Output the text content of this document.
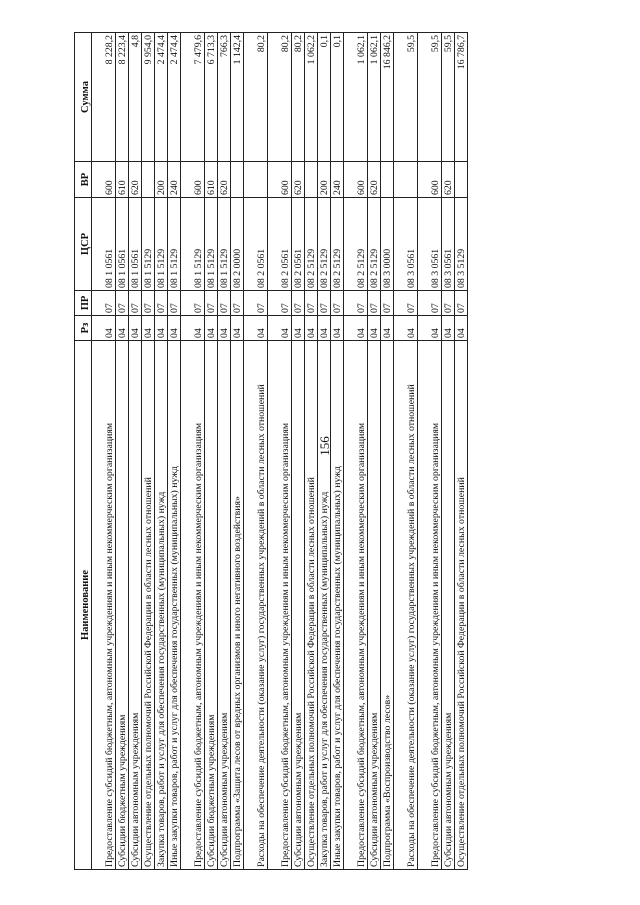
156
Наименование	Рз	ПР	ЦСР	ВР	Сумма
Предоставление субсидий бюджетным, автономным учреждениям и иным некоммерческим организациям	04	07	08 1 0561	600	8 228,2
Субсидии бюджетным учреждениям	04	07	08 1 0561	610	8 223,4
Субсидии автономным учреждениям	04	07	08 1 0561	620	4,8
Осуществление отдельных полномочий Российской Федерации в области лесных отношений	04	07	08 1 5129		9 954,0
Закупка товаров, работ и услуг для обеспечения государственных (муниципальных) нужд	04	07	08 1 5129	200	2 474,4
Иные закупки товаров, работ и услуг для обеспечения государственных (муниципальных) нужд	04	07	08 1 5129	240	2 474,4
Предоставление субсидий бюджетным, автономным учреждениям и иным некоммерческим организациям	04	07	08 1 5129	600	7 479,6
Субсидии бюджетным учреждениям	04	07	08 1 5129	610	6 713,3
Субсидии автономным учреждениям	04	07	08 1 5129	620	766,3
Подпрограмма «Защита лесов от вредных организмов и иного негативного воздействия»	04	07	08 2 0000		1 142,4
Расходы на обеспечение деятельности (оказание услуг) государственных учреждений в области лесных отношений	04	07	08 2 0561		80,2
Предоставление субсидий бюджетным, автономным учреждениям и иным некоммерческим организациям	04	07	08 2 0561	600	80,2
Субсидии автономным учреждениям	04	07	08 2 0561	620	80,2
Осуществление отдельных полномочий Российской Федерации в области лесных отношений	04	07	08 2 5129		1 062,2
Закупка товаров, работ и услуг для обеспечения государственных (муниципальных) нужд	04	07	08 2 5129	200	0,1
Иные закупки товаров, работ и услуг для обеспечения государственных (муниципальных) нужд	04	07	08 2 5129	240	0,1
Предоставление субсидий бюджетным, автономным учреждениям и иным некоммерческим организациям	04	07	08 2 5129	600	1 062,1
Субсидии автономным учреждениям	04	07	08 2 5129	620	1 062,1
Подпрограмма «Воспроизводство лесов»	04	07	08 3 0000		16 846,2
Расходы на обеспечение деятельности (оказание услуг) государственных учреждений в области лесных отношений	04	07	08 3 0561		59,5
Предоставление субсидий бюджетным, автономным учреждениям и иным некоммерческим организациям	04	07	08 3 0561	600	59,5
Субсидии автономным учреждениям	04	07	08 3 0561	620	59,5
Осуществление отдельных полномочий Российской Федерации в области лесных отношений	04	07	08 3 5129		16 786,7
